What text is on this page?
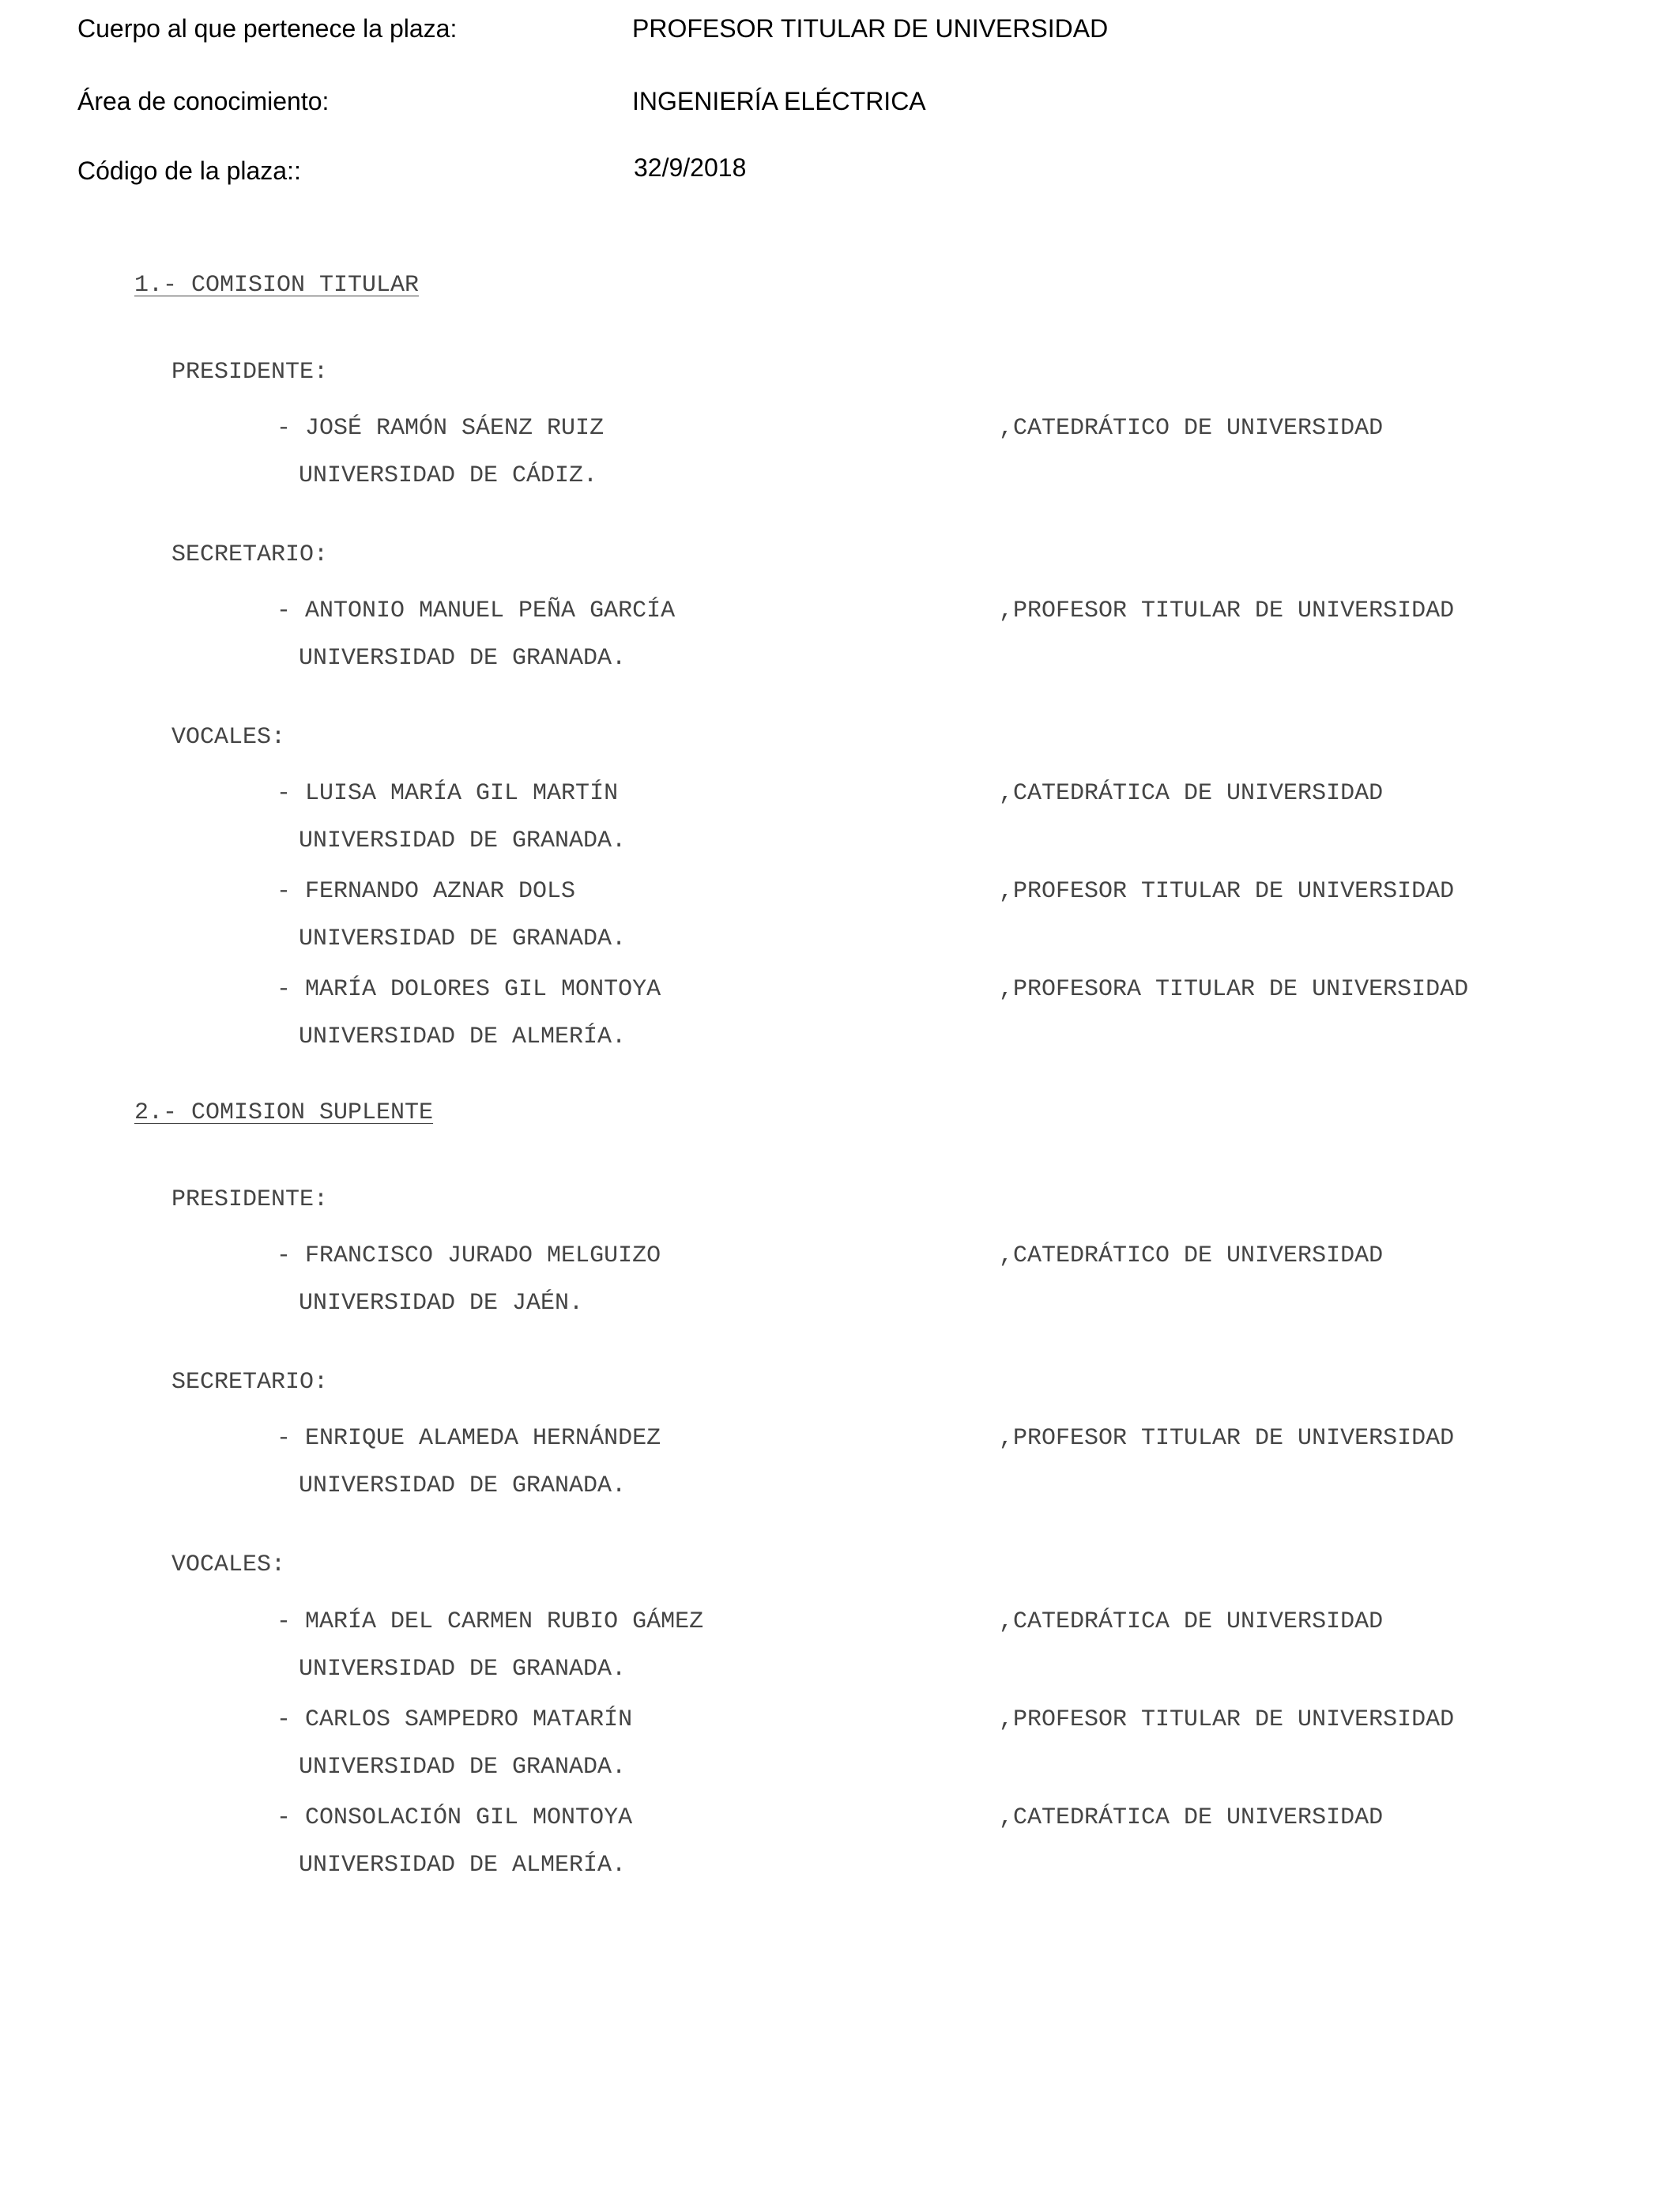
Cuerpo al que pertenece la plaza:	PROFESOR TITULAR DE UNIVERSIDAD
Área de conocimiento:	INGENIERÍA ELÉCTRICA
Código de la plaza::	32/9/2018
1.- COMISION TITULAR
PRESIDENTE:
- JOSÉ RAMÓN SÁENZ RUIZ	,CATEDRÁTICO DE UNIVERSIDAD
UNIVERSIDAD DE CÁDIZ.
SECRETARIO:
- ANTONIO MANUEL PEÑA GARCÍA	,PROFESOR TITULAR DE UNIVERSIDAD
UNIVERSIDAD DE GRANADA.
VOCALES:
- LUISA MARÍA GIL MARTÍN	,CATEDRÁTICA DE UNIVERSIDAD
UNIVERSIDAD DE GRANADA.
- FERNANDO AZNAR DOLS	,PROFESOR TITULAR DE UNIVERSIDAD
UNIVERSIDAD DE GRANADA.
- MARÍA DOLORES GIL MONTOYA	,PROFESORA TITULAR DE UNIVERSIDAD
UNIVERSIDAD DE ALMERÍA.
2.- COMISION SUPLENTE
PRESIDENTE:
- FRANCISCO JURADO MELGUIZO	,CATEDRÁTICO DE UNIVERSIDAD
UNIVERSIDAD DE JAÉN.
SECRETARIO:
- ENRIQUE ALAMEDA HERNÁNDEZ	,PROFESOR TITULAR DE UNIVERSIDAD
UNIVERSIDAD DE GRANADA.
VOCALES:
- MARÍA DEL CARMEN RUBIO GÁMEZ	,CATEDRÁTICA DE UNIVERSIDAD
UNIVERSIDAD DE GRANADA.
- CARLOS SAMPEDRO MATARÍN	,PROFESOR TITULAR DE UNIVERSIDAD
UNIVERSIDAD DE GRANADA.
- CONSOLACIÓN GIL MONTOYA	,CATEDRÁTICA DE UNIVERSIDAD
UNIVERSIDAD DE ALMERÍA.
